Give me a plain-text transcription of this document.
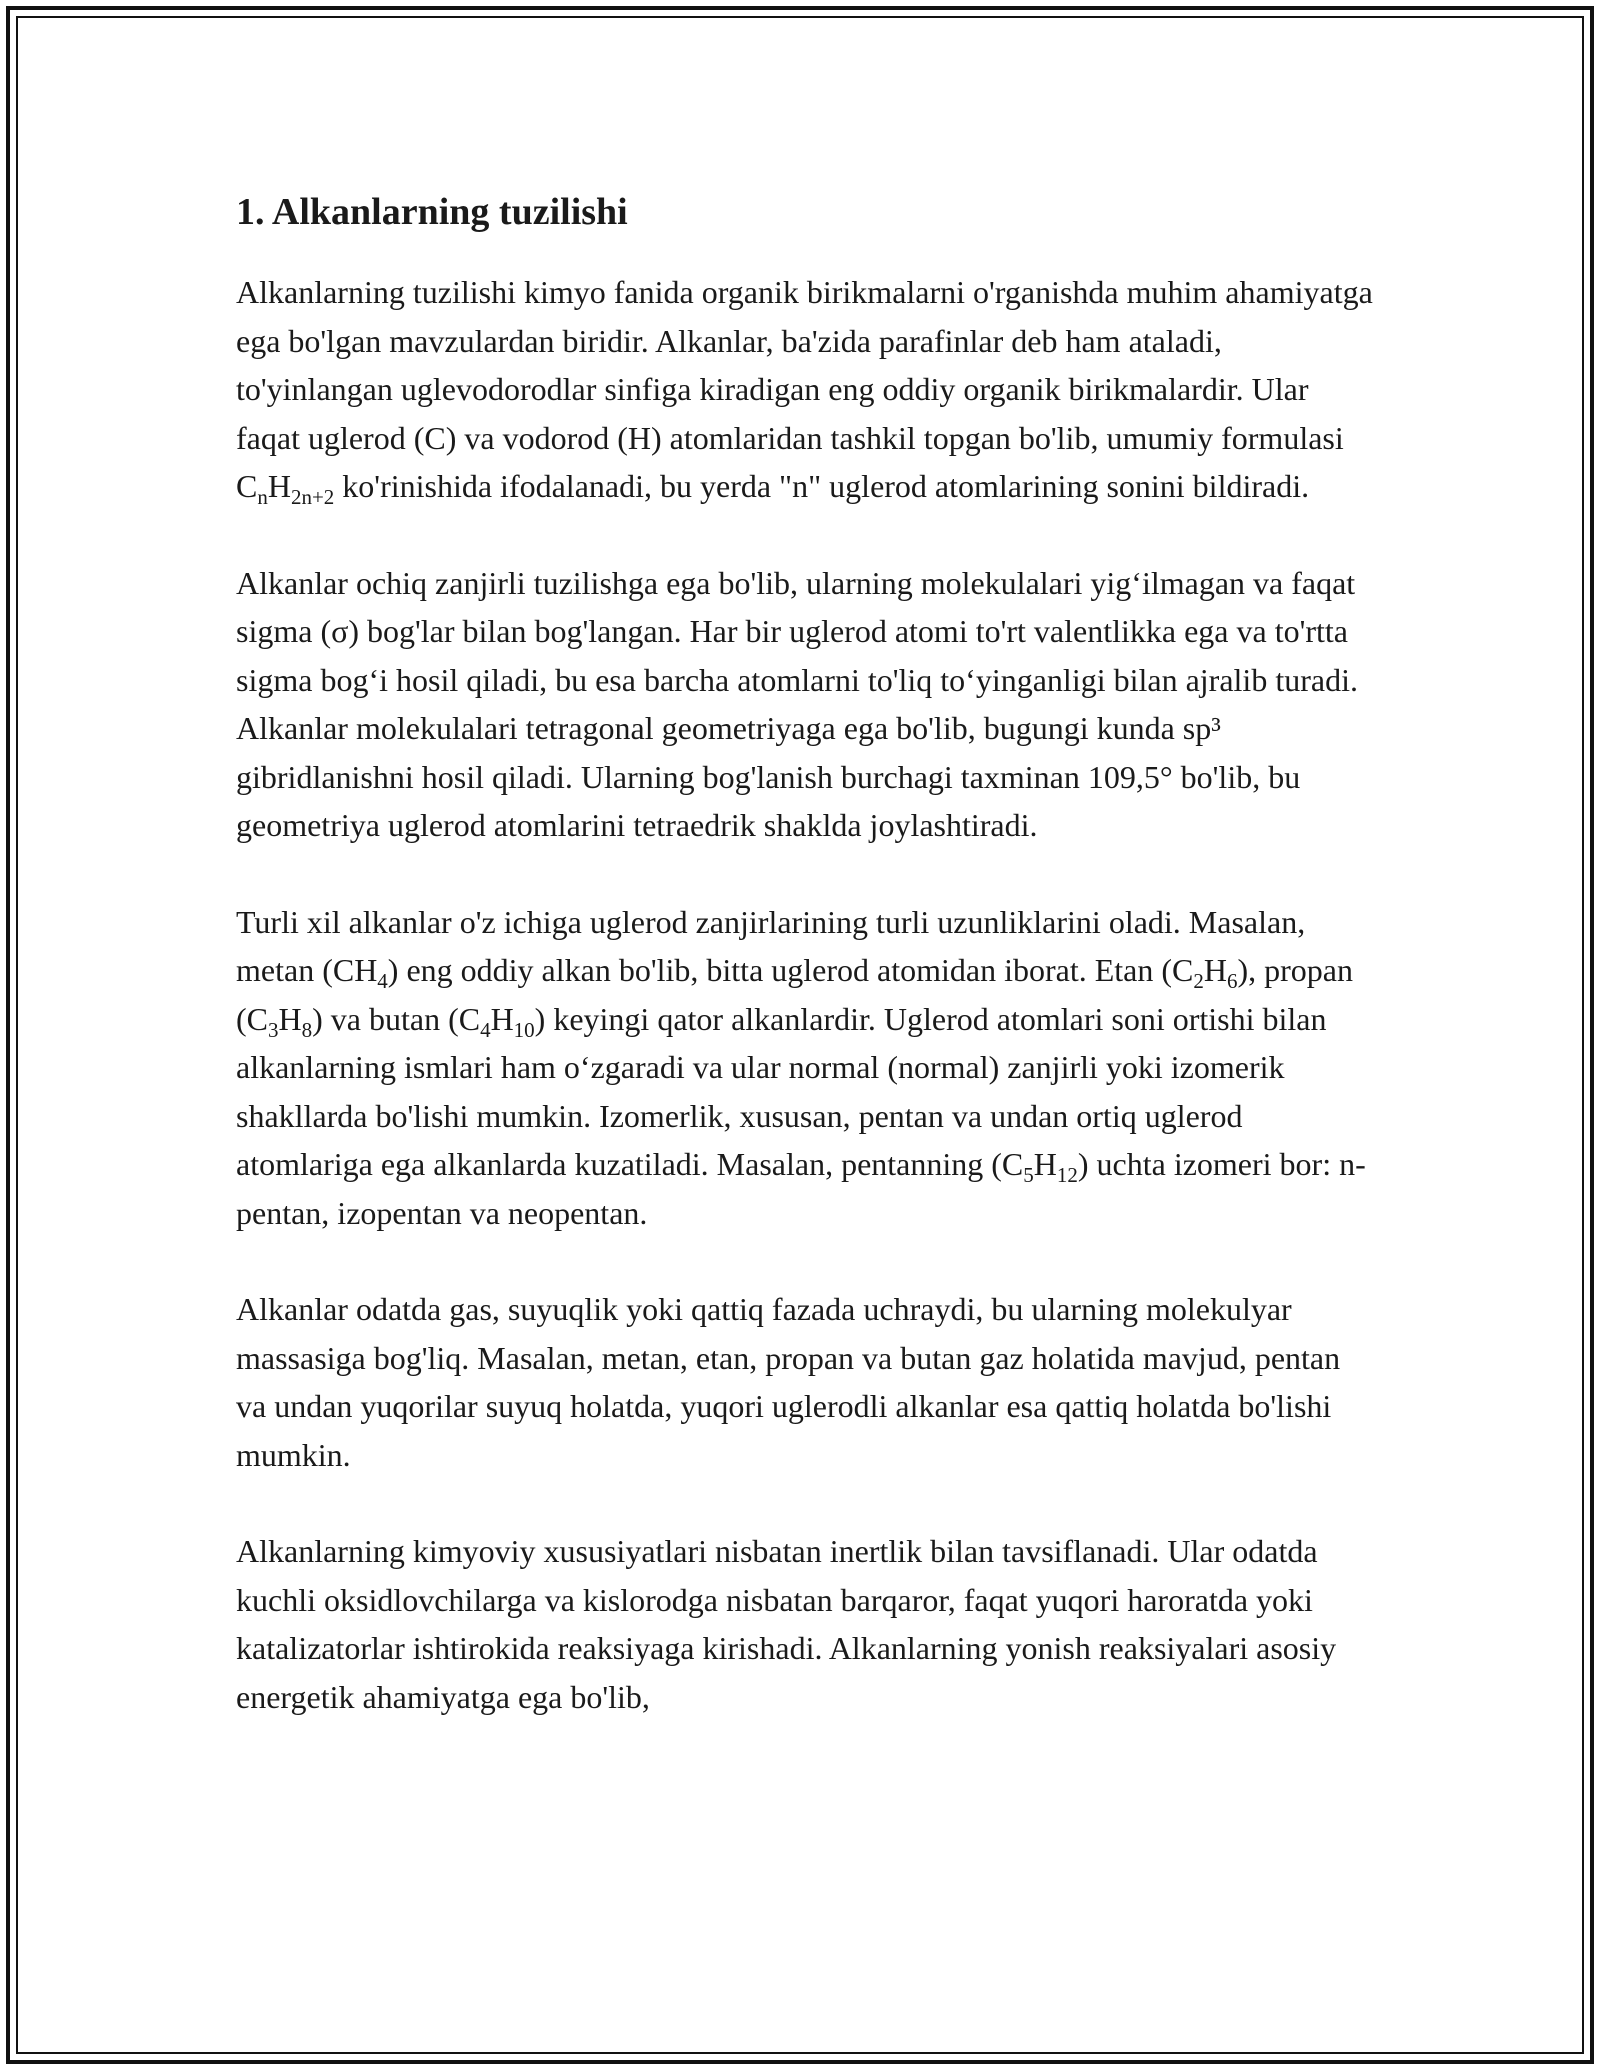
1. Alkanlarning tuzilishi

Alkanlarning tuzilishi kimyo fanida organik birikmalarni o'rganishda muhim ahamiyatga ega bo'lgan mavzulardan biridir. Alkanlar, ba'zida parafinlar deb ham ataladi, to'yinlangan uglevodorodlar sinfiga kiradigan eng oddiy organik birikmalardir. Ular faqat uglerod (C) va vodorod (H) atomlaridan tashkil topgan bo'lib, umumiy formulasi $C_nH_{2n+2}$ ko'rinishida ifodalanadi, bu yerda "n" uglerod atomlarining sonini bildiradi.

Alkanlar ochiq zanjirli tuzilishga ega bo'lib, ularning molekulalari yig‘ilmagan va faqat sigma (σ) bog'lar bilan bog'langan. Har bir uglerod atomi to'rt valentlikka ega va to'rtta sigma bog‘i hosil qiladi, bu esa barcha atomlarni to'liq to‘yinganligi bilan ajralib turadi. Alkanlar molekulalari tetragonal geometriyaga ega bo'lib, bugungi kunda sp³ gibridlanishni hosil qiladi. Ularning bog'lanish burchagi taxminan 109,5° bo'lib, bu geometriya uglerod atomlarini tetraedrik shaklda joylashtiradi.

Turli xil alkanlar o'z ichiga uglerod zanjirlarining turli uzunliklarini oladi. Masalan, metan $(CH_4)$ eng oddiy alkan bo'lib, bitta uglerod atomidan iborat. Etan $(C_2H_6)$, propan $(C_3H_8)$ va butan $(C_4H_{10})$ keyingi qator alkanlardir. Uglerod atomlari soni ortishi bilan alkanlarning ismlari ham o‘zgaradi va ular normal (normal) zanjirli yoki izomerik shakllarda bo'lishi mumkin. Izomerlik, xususan, pentan va undan ortiq uglerod atomlariga ega alkanlarda kuzatiladi. Masalan, pentanning $(C_5H_{12})$ uchta izomeri bor: n-pentan, izopentan va neopentan.

Alkanlar odatda gas, suyuqlik yoki qattiq fazada uchraydi, bu ularning molekulyar massasiga bog'liq. Masalan, metan, etan, propan va butan gaz holatida mavjud, pentan va undan yuqorilar suyuq holatda, yuqori uglerodli alkanlar esa qattiq holatda bo'lishi mumkin.

Alkanlarning kimyoviy xususiyatlari nisbatan inertlik bilan tavsiflanadi. Ular odatda kuchli oksidlovchilarga va kislorodga nisbatan barqaror, faqat yuqori haroratda yoki katalizatorlar ishtirokida reaksiyaga kirishadi. Alkanlarning yonish reaksiyalari asosiy energetik ahamiyatga ega bo'lib,
